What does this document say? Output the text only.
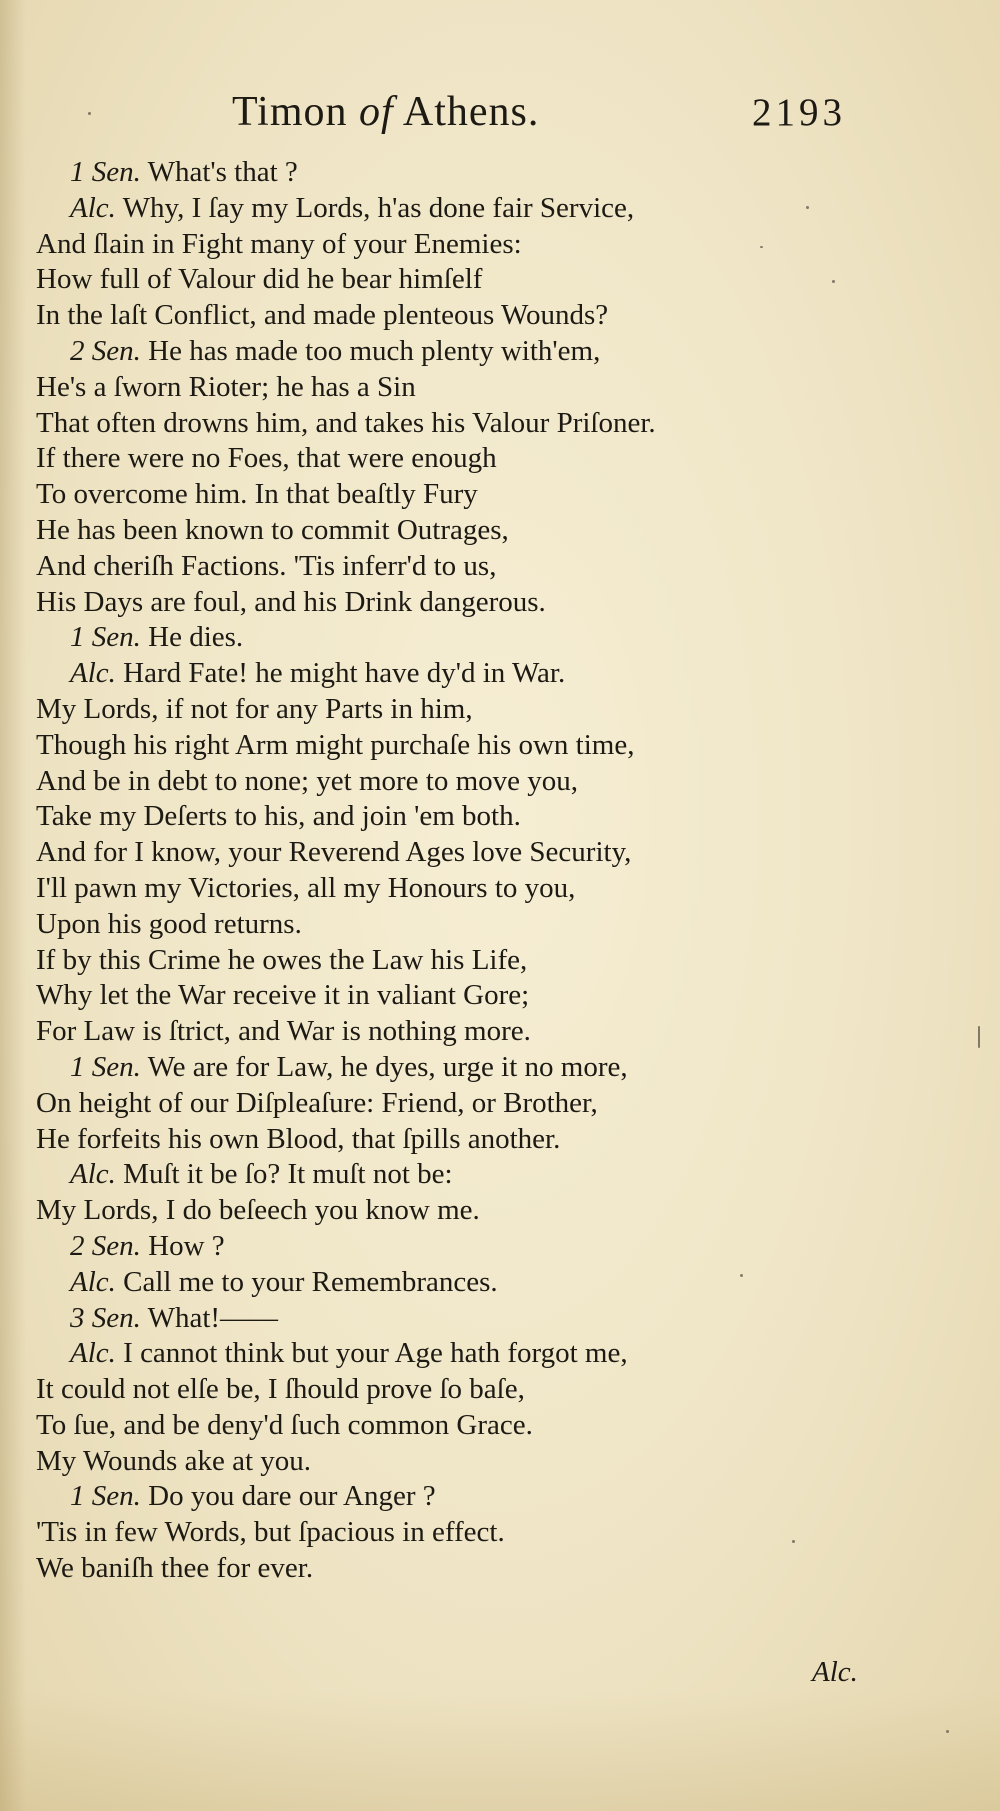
Timon of Athens.	2193
1 Sen. What's that ?
Alc. Why, I ſay my Lords, h'as done fair Service,
And ſlain in Fight many of your Enemies:
How full of Valour did he bear himſelf
In the laſt Conflict, and made plenteous Wounds?
2 Sen. He has made too much plenty with'em,
He's a ſworn Rioter; he has a Sin
That often drowns him, and takes his Valour Priſoner.
If there were no Foes, that were enough
To overcome him. In that beaſtly Fury
He has been known to commit Outrages,
And cheriſh Factions. 'Tis inferr'd to us,
His Days are foul, and his Drink dangerous.
1 Sen. He dies.
Alc. Hard Fate! he might have dy'd in War.
My Lords, if not for any Parts in him,
Though his right Arm might purchaſe his own time,
And be in debt to none; yet more to move you,
Take my Deſerts to his, and join 'em both.
And for I know, your Reverend Ages love Security,
I'll pawn my Victories, all my Honours to you,
Upon his good returns.
If by this Crime he owes the Law his Life,
Why let the War receive it in valiant Gore;
For Law is ſtrict, and War is nothing more.
1 Sen. We are for Law, he dyes, urge it no more,
On height of our Diſpleaſure: Friend, or Brother,
He forfeits his own Blood, that ſpills another.
Alc. Muſt it be ſo? It muſt not be:
My Lords, I do beſeech you know me.
2 Sen. How ?
Alc. Call me to your Remembrances.
3 Sen. What!——
Alc. I cannot think but your Age hath forgot me,
It could not elſe be, I ſhould prove ſo baſe,
To ſue, and be deny'd ſuch common Grace.
My Wounds ake at you.
1 Sen. Do you dare our Anger ?
'Tis in few Words, but ſpacious in effect.
We baniſh thee for ever.
Alc.
